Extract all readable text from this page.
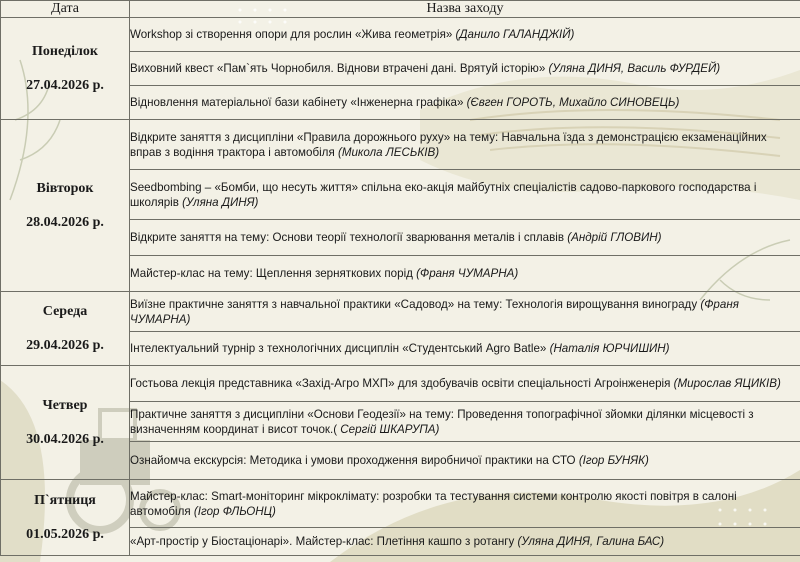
Дата	Назва заходу

Понеділок
27.04.2026 р.	Workshop зі створення опори для рослин «Жива геометрія» (Данило ГАЛАНДЖІЙ)
	Виховний квест «Пам`ять Чорнобиля. Віднови втрачені дані. Врятуй історію» (Уляна ДИНЯ, Василь ФУРДЕЙ)
	Відновлення матеріальної бази кабінету «Інженерна графіка» (Євген ГОРОТЬ, Михайло СИНОВЕЦЬ)

Вівторок
28.04.2026 р.	Відкрите заняття з дисципліни «Правила дорожнього руху» на тему: Навчальна їзда з демонстрацією екзаменаційних вправ з водіння трактора і автомобіля (Микола ЛЕСЬКІВ)
	Seedbombing – «Бомби, що несуть життя» спільна еко-акція майбутніх спеціалістів садово-паркового господарства і школярів (Уляна ДИНЯ)
	Відкрите заняття на тему: Основи теорії технології зварювання металів і сплавів (Андрій ГЛОВИН)
	Майстер-клас на тему: Щеплення зерняткових порід (Франя ЧУМАРНА)

Середа
29.04.2026 р.	Виїзне практичне заняття з навчальної практики «Садовод» на тему: Технологія вирощування винограду (Франя ЧУМАРНА)
	Інтелектуальний турнір з технологічних дисциплін «Студентський Agro Batle» (Наталія ЮРЧИШИН)

Четвер
30.04.2026 р.	Гостьова лекція представника «Захід-Агро МХП» для здобувачів освіти спеціальності Агроінженерія (Мирослав ЯЦИКІВ)
	Практичне заняття з дисципліни «Основи Геодезії» на тему: Проведення топографічної зйомки ділянки місцевості з визначенням координат і висот точок.( Сергій ШКАРУПА)
	Ознайомча екскурсія: Методика і умови проходження виробничої практики на СТО (Ігор БУНЯК)

П`ятниця
01.05.2026 р.	Майстер-клас: Smart-моніторинг мікроклімату: розробки та тестування системи контролю якості повітря в салоні автомобіля (Ігор ФЛЬОНЦ)
	«Арт-простір у Біостаціонарі». Майстер-клас: Плетіння кашпо з ротангу (Уляна ДИНЯ, Галина БАС)
